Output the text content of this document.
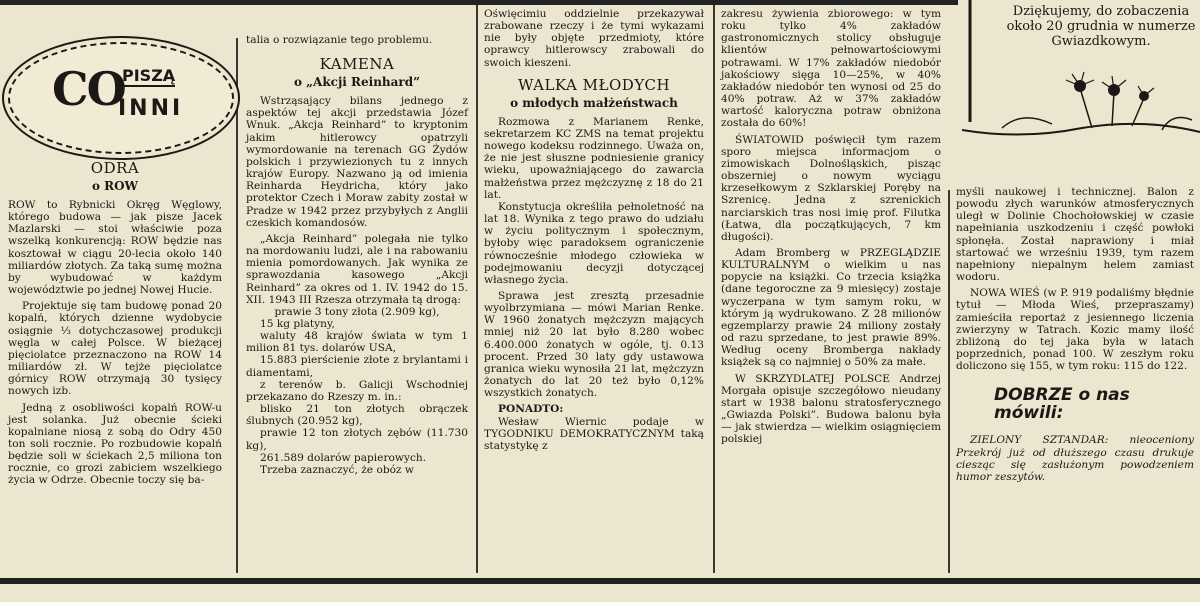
CO
PISZĄ
INNI
ODRA
o ROW

ROW to Rybnicki Okręg Węglowy, którego budowa — jak pisze Jacek Mazlarski — stoi właściwie poza wszelką konkurencją: ROW będzie nas kosztował w ciągu 20-lecia około 140 miliardów złotych. Za taką sumę można by wybudować w każdym województwie po jednej Nowej Hucie.

Projektuje się tam budowę ponad 20 kopalń, których dzienne wydobycie osiągnie ⅓ dotychczasowej produkcji węgla w całej Polsce. W bieżącej pięciolatce przeznaczono na ROW 14 miliardów zł. W tejże pięciolatce górnicy ROW otrzymają 30 tysięcy nowych izb.

Jedną z osobliwości kopalń ROW-u jest solanka. Już obecnie ścieki kopalniane niosą z sobą do Odry 450 ton soli rocznie. Po rozbudowie kopalń będzie soli w ściekach 2,5 miliona ton rocznie, co grozi zabiciem wszelkiego życia w Odrze. Obecnie toczy się ba-

talia o rozwiązanie tego problemu.

KAMENA
o „Akcji Reinhard”

Wstrząsający bilans jednego z aspektów tej akcji przedstawia Józef Wnuk. „Akcja Reinhard” to kryptonim jakim hitlerowcy opatrzyli wymordowanie na terenach GG Żydów polskich i przywiezionych tu z innych krajów Europy. Nazwano ją od imienia Reinharda Heydricha, który jako protektor Czech i Moraw zabity został w Pradze w 1942 przez przybyłych z Anglii czeskich komandosów.

„Akcja Reinhard” polegała nie tylko na mordowaniu ludzi, ale i na rabowaniu mienia pomordowanych. Jak wynika ze sprawozdania kasowego „Akcji Reinhard” za okres od 1. IV. 1942 do 15. XII. 1943 III Rzesza otrzymała tą drogą:

prawie 3 tony złota (2.909 kg),

15 kg platyny,

waluty 48 krajów świata w tym 1 milion 81 tys. dolarów USA,

15.883 pierścienie złote z brylantami i diamentami,

z terenów b. Galicji Wschodniej przekazano do Rzeszy m. in.:

blisko 21 ton złotych obrączek ślubnych (20.952 kg),

prawie 12 ton złotych zębów (11.730 kg),

261.589 dolarów papierowych.

Trzeba zaznaczyć, że obóz w

Oświęcimiu oddzielnie przekazywał zrabowane rzeczy i że tymi wykazami nie były objęte przedmioty, które oprawcy hitlerowscy zrabowali do swoich kieszeni.

WALKA MŁODYCH
o młodych małżeństwach

Rozmowa z Marianem Renke, sekretarzem KC ZMS na temat projektu nowego kodeksu rodzinnego. Uważa on, że nie jest słuszne podniesienie granicy wieku, upoważniającego do zawarcia małżeństwa przez mężczyznę z 18 do 21 lat.

Konstytucja określiła pełnoletność na lat 18. Wynika z tego prawo do udziału w życiu politycznym i społecznym, byłoby więc paradoksem ograniczenie równocześnie młodego człowieka w podejmowaniu decyzji dotyczącej własnego życia.

Sprawa jest zresztą przesadnie wyolbrzymiana — mówi Marian Renke. W 1960 żonatych mężczyzn mających mniej niż 20 lat było 8.280 wobec 6.400.000 żonatych w ogóle, tj. 0.13 procent. Przed 30 laty gdy ustawowa granica wieku wynosiła 21 lat, mężczyzn żonatych do lat 20 też było 0,12% wszystkich żonatych.

PONADTO:

Wesław Wiernic podaje w TYGODNIKU DEMOKRATYCZNYM taką statystykę z

zakresu żywienia zbiorowego: w tym roku tylko 4% zakładów gastronomicznych stolicy obsługuje klientów pełnowartościowymi potrawami. W 17% zakładów niedobór jakościowy sięga 10—25%, w 40% zakładów niedobór ten wynosi od 25 do 40% potraw. Aż w 37% zakładów wartość kaloryczna potraw obniżona została do 60%!

ŚWIATOWID poświęcił tym razem sporo miejsca informacjom o zimowiskach Dolnośląskich, pisząc obszerniej o nowym wyciągu krzesełkowym z Szklarskiej Poręby na Szrenicę. Jedna z szrenickich narciarskich tras nosi imię prof. Filutka (Łatwa, dla początkujących, 7 km długości).

Adam Bromberg w PRZEGLĄDZIE KULTURALNYM o wielkim u nas popycie na książki. Co trzecia książka (dane tegoroczne za 9 miesięcy) zostaje wyczerpana w tym samym roku, w którym ją wydrukowano. Z 28 milionów egzemplarzy prawie 24 miliony zostały od razu sprzedane, to jest prawie 89%. Według oceny Bromberga nakłady książek są co najmniej o 50% za małe.

W SKRZYDLATEJ POLSCE Andrzej Morgała opisuje szczegółowo nieudany start w 1938 balonu stratosferycznego „Gwiazda Polski”. Budowa balonu była — jak stwierdza — wielkim osiągnięciem polskiej

Dziękujemy, do zobaczenia około 20 grudnia w numerze Gwiazdkowym.

myśli naukowej i technicznej. Balon z powodu złych warunków atmosferycznych uległ w Dolinie Chochołowskiej w czasie napełniania uszkodzeniu i część powłoki spłonęła. Został naprawiony i miał startować we wrześniu 1939, tym razem napełniony niepalnym helem zamiast wodoru.

NOWA WIEŚ (w P. 919 podaliśmy błędnie tytuł — Młoda Wieś, przepraszamy) zamieściła reportaż z jesiennego liczenia zwierzyny w Tatrach. Kozic mamy ilość zbliżoną do tej jaka była w latach poprzednich, ponad 100. W zeszłym roku doliczono się 155, w tym roku: 115 do 122.

DOBRZE o nas mówili:

ZIELONY SZTANDAR: nieoceniony Przekrój już od dłuższego czasu drukuje ciesząc się zasłużonym powodzeniem humor zeszytów.
